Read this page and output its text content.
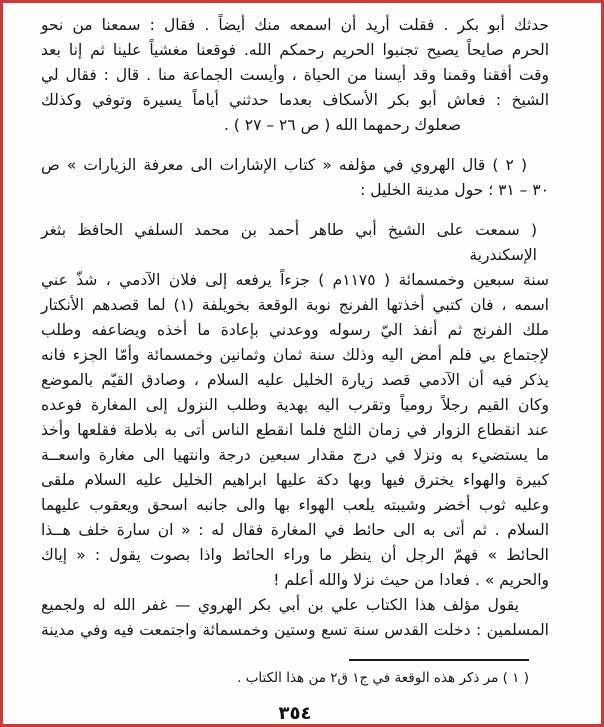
حدثك أبو بكر . فقلت أريد أن اسمعه منك أيضاً . فقال : سمعنا من نحو
الحرم صايحاً يصيح تجنبوا الحريم رحمكم الله. فوقعنا مغشياً علينا ثم إنا بعد
وقت أفقنا وقمنا وقد أيسنا من الحياة ، وأيست الجماعة منا . قال : فقال لي
الشيخ : فعاش أبو بكر الأسكاف بعدما حدثني أياماً يسيرة وتوفي وكذلك
صعلوك رحمهما الله ( ص ٢٦ – ٢٧ ) .
( ٢ ) قال الهروي في مؤلفه « كتاب الإشارات الى معرفة الزيارات » ص
٣٠ – ٣١ ؛ حول مدينة الخليل :
( سمعت على الشيخ أبي طاهر أحمد بن محمد السلفي الحافظ بثغر الإسكندرية
سنة سبعين وخمسمائة ( ١١٧٥م ) جزءاً يرفعه إلى فلان الآدمي ، شذّ عني
اسمه ، فان كتبي أخذتها الفرنج نوبة الوقعة بخويلفة (١) لما قصدهم الأنكتار
ملك الفرنج ثم أنفذ اليّ رسوله ووعدني بإعادة ما أخذه ويضاعفه وطلب
لإجتماع بي فلم أمض اليه وذلك سنة ثمان وثمانين وخمسمائة وأمّا الجزء فانه
يذكر فيه أن الآدمي قصد زيارة الخليل عليه السلام ، وصادق القيّم بالموضع
وكان القيم رجلاً رومياً وتقرب اليه بهدية وطلب النزول إلى المغارة فوعده
عند انقطاع الزوار في زمان الثلج فلما انقطع الناس أتى به بلاطة فقلعها وأخذ
ما يستضيء به ونزلا في درج مقدار سبعين درجة وانتهيا الى مغارة واسعــة
كبيرة والهواء يخترق فيها وبها دكة عليها ابراهيم الخليل عليه السلام ملقى
وعليه ثوب أخضر وشيبته يلعب الهواء بها والى جانبه اسحق ويعقوب عليهما
السلام . ثم أتى به الى حائط في المغارة فقال له : « ان سارة خلف هــذا
الحائط » فهمّ الرجل أن ينظر ما وراء الحائط واذا بصوت يقول : « إياك
والحريم » . فعادا من حيث نزلا والله أعلم !
يقول مؤلف هذا الكتاب علي بن أبي بكر الهروي — غفر الله له ولجميع
المسلمين : دخلت القدس سنة تسع وستين وخمسمائة واجتمعت فيه وفي مدينة
( ١ ) مر ذكر هذه الوقعة في ج١ ق٢ من هذا الكتاب .
٣٥٤
